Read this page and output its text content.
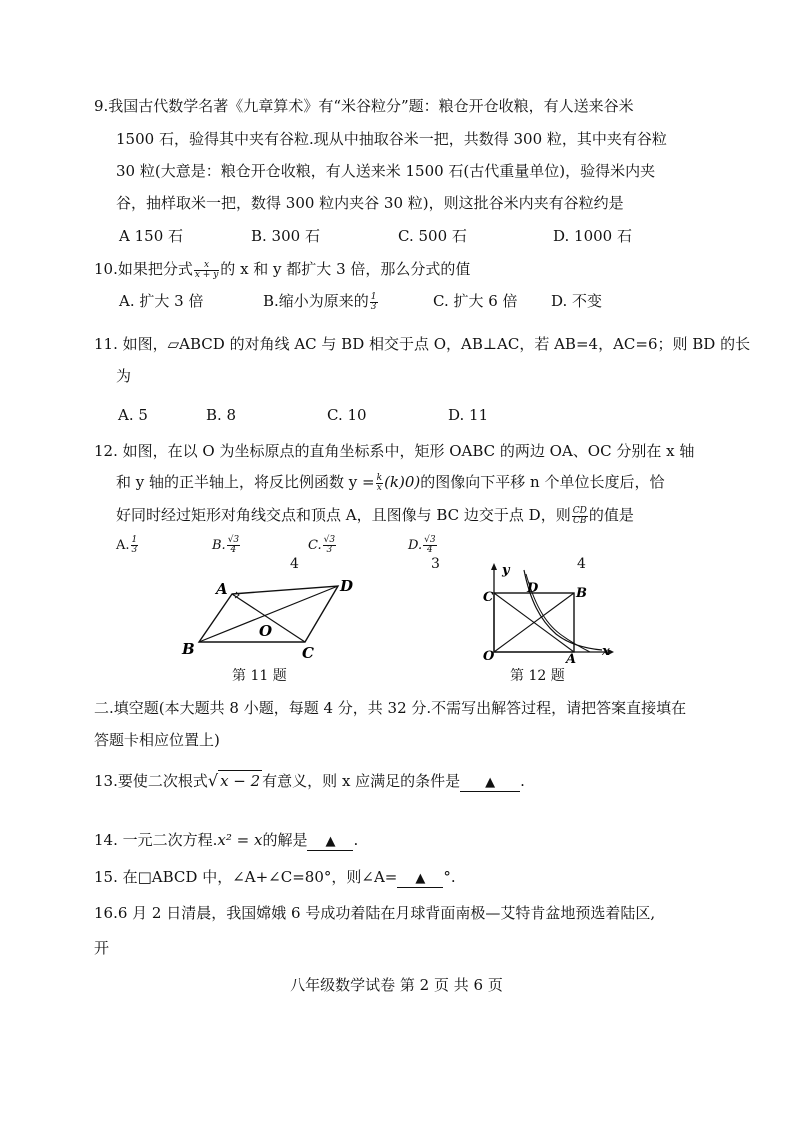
9.我国古代数学名著《九章算术》有“米谷粒分”题：粮仓开仓收粮，有人送来谷米
1500 石，验得其中夹有谷粒.现从中抽取谷米一把，共数得 300 粒，其中夹有谷粒
30 粒(大意是：粮仓开仓收粮，有人送来米 1500 石(古代重量单位)，验得米内夹
谷，抽样取米一把，数得 300 粒内夹谷 30 粒)，则这批谷米内夹有谷粒约是
A 150 石	B. 300 石	C. 500 石	D. 1000 石
10.如果把分式 $\frac{x}{x + y}$ 的 x 和 y 都扩大 3 倍，那么分式的值
A. 扩大 3 倍	B.缩小为原来的 $\frac{1}{3}$	C. 扩大 6 倍 D. 不变
11. 如图，▱ABCD 的对角线 AC 与 BD 相交于点 O，AB⊥AC，若 AB=4，AC=6；则 BD 的长
为
A. 5	B. 8	C. 10	D. 11
12. 如图，在以 O 为坐标原点的直角坐标系中，矩形 OABC 的两边 OA、OC 分别在 x 轴
和 y 轴的正半轴上，将反比例函数 $y = \frac{k}{x} (k)0$)的图像向下平移 n 个单位长度后，恰
好同时经过矩形对角线交点和顶点 A，且图像与 BC 边交于点 D，则 $\frac{CD}{CB}$ 的值是
A. $\frac{1}{3}$	B. $\frac{√3}{4}$	C. $\frac{√3}{3}$	D. $\frac{√3}{4}$
4	3	4
A	D
B	C
O
第 11 题
y
x
O	A
B
C
D
第 12 题
二.填空题(本大题共 8 小题，每题 4 分，共 32 分.不需写出解答过程，请把答案直接填在
答题卡相应位置上)
13.要使二次根式√ x − 2 有意义，则 x 应满足的条件是 ▲ .
14. 一元二次方程.x² = x的解是 ▲ .
15. 在□ABCD 中，∠A+∠C=80°，则∠A= ▲ °.
16.6 月 2 日清晨，我国嫦娥 6 号成功着陆在月球背面南极—艾特肯盆地预选着陆区,
开
八年级数学试卷 第 2 页 共 6 页
